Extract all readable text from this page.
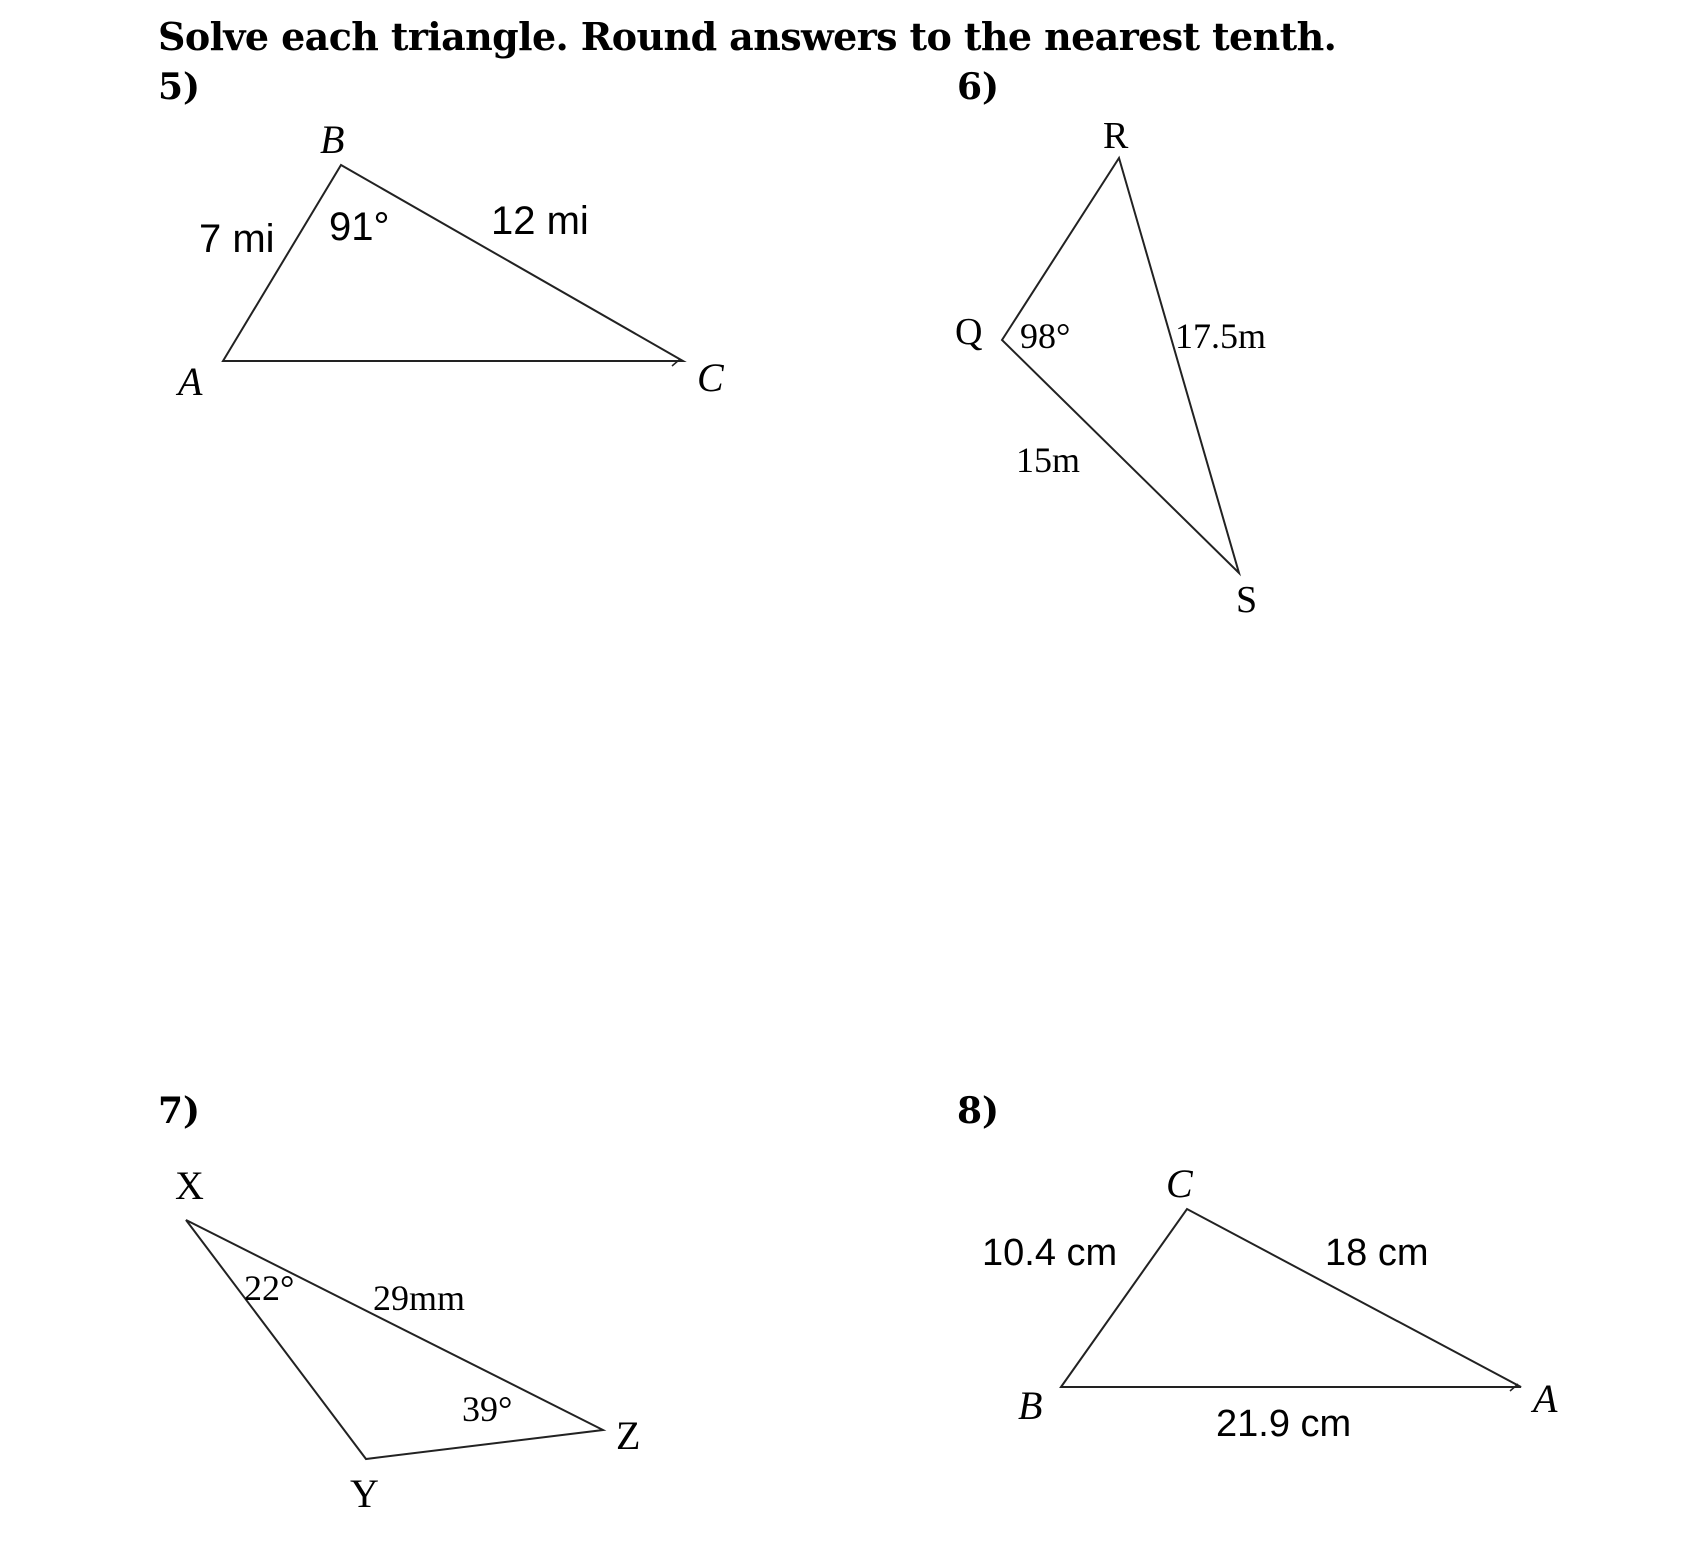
Solve each triangle. Round answers to the nearest tenth.
5)	6)
7)	8)
B
A	C
7 mi 91°	12 mi
R
Q
S
98°	17.5m
15m
X
Y
Z
22° 29mm
39°
C
B	A
10.4 cm	18 cm
21.9 cm
